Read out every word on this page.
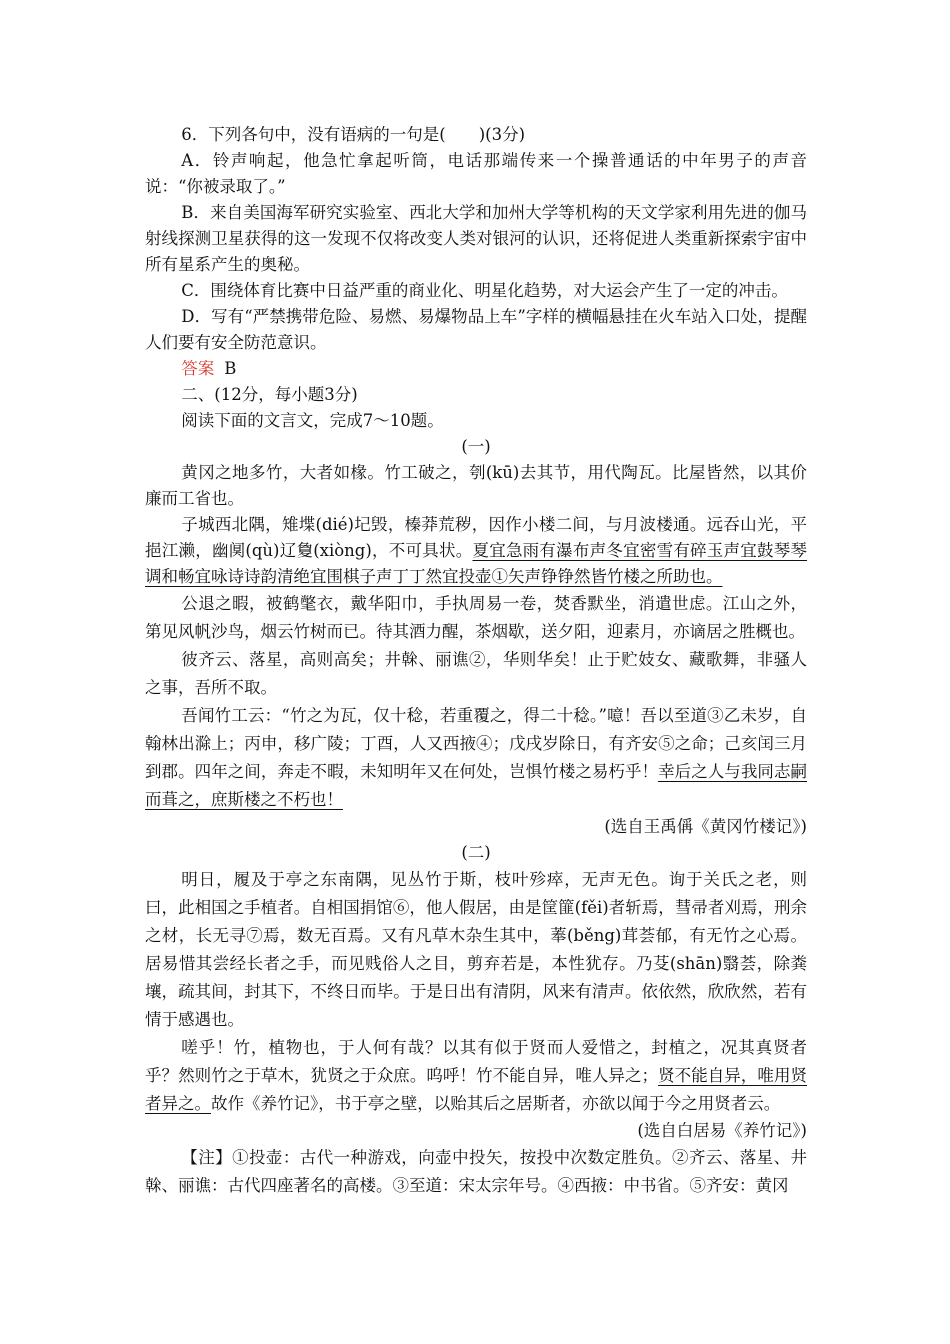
6．下列各句中，没有语病的一句是(　　)(3分)

A．铃声响起，他急忙拿起听筒，电话那端传来一个操普通话的中年男子的声音说：“你被录取了。”

B．来自美国海军研究实验室、西北大学和加州大学等机构的天文学家利用先进的伽马射线探测卫星获得的这一发现不仅将改变人类对银河的认识，还将促进人类重新探索宇宙中所有星系产生的奥秘。

C．围绕体育比赛中日益严重的商业化、明星化趋势，对大运会产生了一定的冲击。

D．写有“严禁携带危险、易燃、易爆物品上车”字样的横幅悬挂在火车站入口处，提醒人们要有安全防范意识。

答案 B

二、(12分，每小题3分)

阅读下面的文言文，完成7～10题。

(一)

黄冈之地多竹，大者如椽。竹工破之，刳(kū)去其节，用代陶瓦。比屋皆然，以其价廉而工省也。

子城西北隅，雉堞(dié)圮毁，榛莽荒秽，因作小楼二间，与月波楼通。远吞山光，平挹江濑，幽阒(qù)辽敻(xiòng)，不可具状。夏宜急雨有瀑布声冬宜密雪有碎玉声宜鼓琴琴调和畅宜咏诗诗韵清绝宜围棋子声丁丁然宜投壶①矢声铮铮然皆竹楼之所助也。

公退之暇，被鹤氅衣，戴华阳巾，手执周易一卷，焚香默坐，消遣世虑。江山之外，第见风帆沙鸟，烟云竹树而已。待其酒力醒，茶烟歇，送夕阳，迎素月，亦谪居之胜概也。

彼齐云、落星，高则高矣；井榦、丽谯②，华则华矣！止于贮妓女、藏歌舞，非骚人之事，吾所不取。

吾闻竹工云：“竹之为瓦，仅十稔，若重覆之，得二十稔。”噫！吾以至道③乙未岁，自翰林出滁上；丙申，移广陵；丁酉，人又西掖④；戊戌岁除日，有齐安⑤之命；己亥闰三月到郡。四年之间，奔走不暇，未知明年又在何处，岂惧竹楼之易朽乎！幸后之人与我同志嗣而葺之，庶斯楼之不朽也！

(选自王禹偁《黄冈竹楼记》)

(二)

明日，履及于亭之东南隅，见丛竹于斯，枝叶殄瘁，无声无色。询于关氏之老，则曰，此相国之手植者。自相国捐馆⑥，他人假居，由是筐篚(fěi)者斩焉，彗帚者刈焉，刑余之材，长无寻⑦焉，数无百焉。又有凡草木杂生其中，菶(běng)茸荟郁，有无竹之心焉。居易惜其尝经长者之手，而见贱俗人之目，剪弃若是，本性犹存。乃芟(shān)翳荟，除粪壤，疏其间，封其下，不终日而毕。于是日出有清阴，风来有清声。依依然，欣欣然，若有情于感遇也。

嗟乎！竹，植物也，于人何有哉？以其有似于贤而人爱惜之，封植之，况其真贤者乎？然则竹之于草木，犹贤之于众庶。呜呼！竹不能自异，唯人异之；贤不能自异，唯用贤者异之。故作《养竹记》，书于亭之壁，以贻其后之居斯者，亦欲以闻于今之用贤者云。

(选自白居易《养竹记》)

【注】①投壶：古代一种游戏，向壶中投矢，按投中次数定胜负。②齐云、落星、井榦、丽谯：古代四座著名的高楼。③至道：宋太宗年号。④西掖：中书省。⑤齐安：黄冈
